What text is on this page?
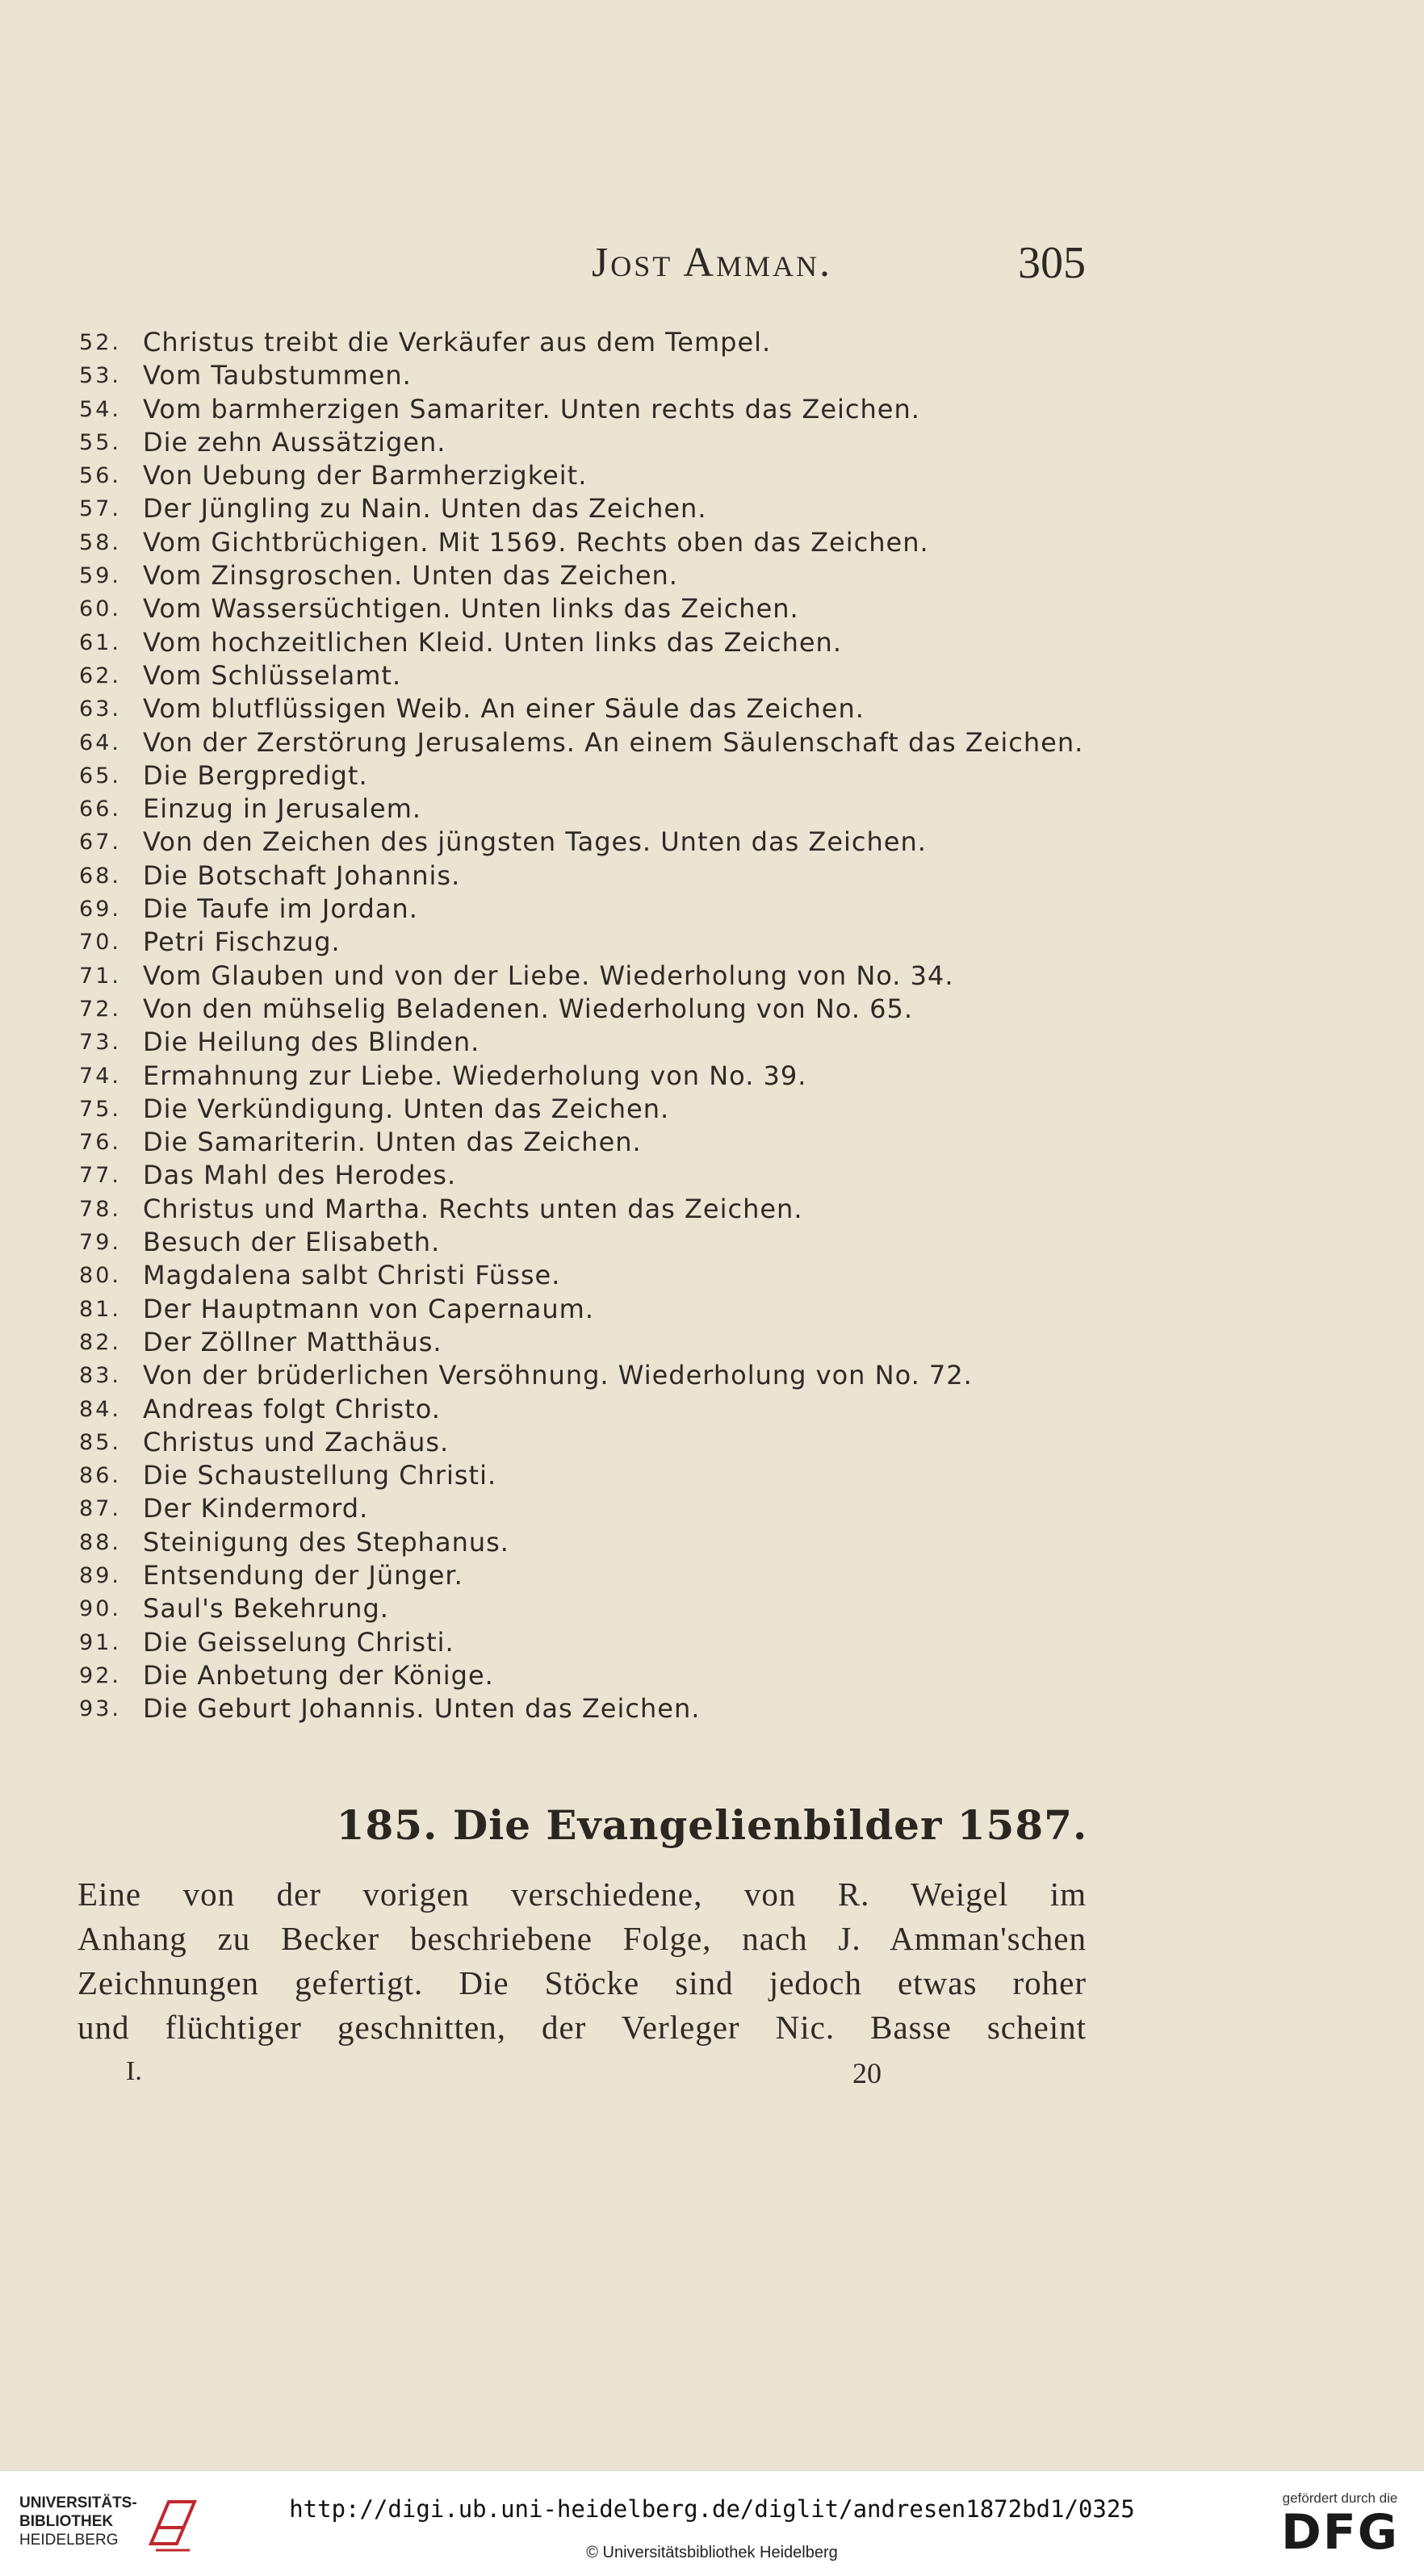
Jost Amman.	305
52. Christus treibt die Verkäufer aus dem Tempel.
53. Vom Taubstummen.
54. Vom barmherzigen Samariter. Unten rechts das Zeichen.
55. Die zehn Aussätzigen.
56. Von Uebung der Barmherzigkeit.
57. Der Jüngling zu Nain. Unten das Zeichen.
58. Vom Gichtbrüchigen. Mit 1569. Rechts oben das Zeichen.
59. Vom Zinsgroschen. Unten das Zeichen.
60. Vom Wassersüchtigen. Unten links das Zeichen.
61. Vom hochzeitlichen Kleid. Unten links das Zeichen.
62. Vom Schlüsselamt.
63. Vom blutflüssigen Weib. An einer Säule das Zeichen.
64. Von der Zerstörung Jerusalems. An einem Säulenschaft das Zeichen.
65. Die Bergpredigt.
66. Einzug in Jerusalem.
67. Von den Zeichen des jüngsten Tages. Unten das Zeichen.
68. Die Botschaft Johannis.
69. Die Taufe im Jordan.
70. Petri Fischzug.
71. Vom Glauben und von der Liebe. Wiederholung von No. 34.
72. Von den mühselig Beladenen. Wiederholung von No. 65.
73. Die Heilung des Blinden.
74. Ermahnung zur Liebe. Wiederholung von No. 39.
75. Die Verkündigung. Unten das Zeichen.
76. Die Samariterin. Unten das Zeichen.
77. Das Mahl des Herodes.
78. Christus und Martha. Rechts unten das Zeichen.
79. Besuch der Elisabeth.
80. Magdalena salbt Christi Füsse.
81. Der Hauptmann von Capernaum.
82. Der Zöllner Matthäus.
83. Von der brüderlichen Versöhnung. Wiederholung von No. 72.
84. Andreas folgt Christo.
85. Christus und Zachäus.
86. Die Schaustellung Christi.
87. Der Kindermord.
88. Steinigung des Stephanus.
89. Entsendung der Jünger.
90. Saul's Bekehrung.
91. Die Geisselung Christi.
92. Die Anbetung der Könige.
93. Die Geburt Johannis. Unten das Zeichen.
185. Die Evangelienbilder 1587.
Eine von der vorigen verschiedene, von R. Weigel im
Anhang zu Becker beschriebene Folge, nach J. Amman'schen
Zeichnungen gefertigt. Die Stöcke sind jedoch etwas roher
und flüchtiger geschnitten, der Verleger Nic. Basse scheint
I.	20
UNIVERSITÄTS-
BIBLIOTHEK
HEIDELBERG
http://digi.ub.uni-heidelberg.de/diglit/andresen1872bd1/0325
© Universitätsbibliothek Heidelberg
gefördert durch die
DFG
